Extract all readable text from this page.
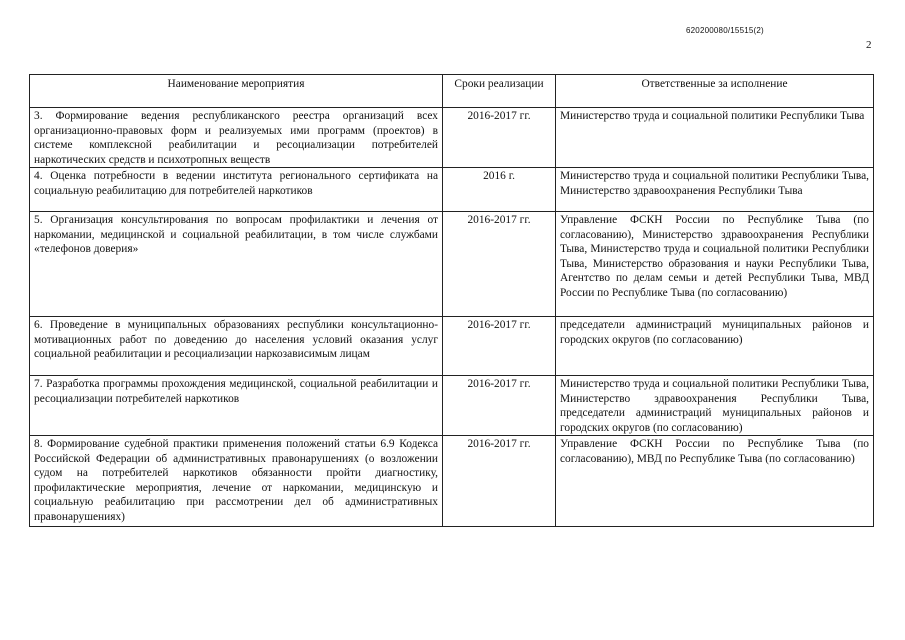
620200080/15515(2)
2
Наименование мероприятия	Сроки реализации	Ответственные за исполнение
3. Формирование ведения республиканского реестра организаций всех организационно-правовых форм и реализуемых ими программ (проектов) в системе комплексной реабилитации и ресоциализации потребителей наркотических средств и психотропных веществ	2016-2017 гг.	Министерство труда и социальной политики Республики Тыва
4. Оценка потребности в ведении института регионального сертификата на социальную реабилитацию для потребителей наркотиков	2016 г.	Министерство труда и социальной политики Республики Тыва, Министерство здравоохранения Республики Тыва
5. Организация консультирования по вопросам профилактики и лечения от наркомании, медицинской и социальной реабилитации, в том числе службами «телефонов доверия»	2016-2017 гг.	Управление ФСКН России по Республике Тыва (по согласованию), Министерство здравоохранения Республики Тыва, Министерство труда и социальной политики Республики Тыва, Министерство образования и науки Республики Тыва, Агентство по делам семьи и детей Республики Тыва, МВД России по Республике Тыва (по согласованию)
6. Проведение в муниципальных образованиях республики консультационно-мотивационных работ по доведению до населения условий оказания услуг социальной реабилитации и ресоциализации наркозависимым лицам	2016-2017 гг.	председатели администраций муниципальных районов и городских округов (по согласованию)
7. Разработка программы прохождения медицинской, социальной реабилитации и ресоциализации потребителей наркотиков	2016-2017 гг.	Министерство труда и социальной политики Республики Тыва, Министерство здравоохранения Республики Тыва, председатели администраций муниципальных районов и городских округов (по согласованию)
8. Формирование судебной практики применения положений статьи 6.9 Кодекса Российской Федерации об административных правонарушениях (о возложении судом на потребителей наркотиков обязанности пройти диагностику, профилактические мероприятия, лечение от наркомании, медицинскую и социальную реабилитацию при рассмотрении дел об административных правонарушениях)	2016-2017 гг.	Управление ФСКН России по Республике Тыва (по согласованию), МВД по Республике Тыва (по согласованию)
